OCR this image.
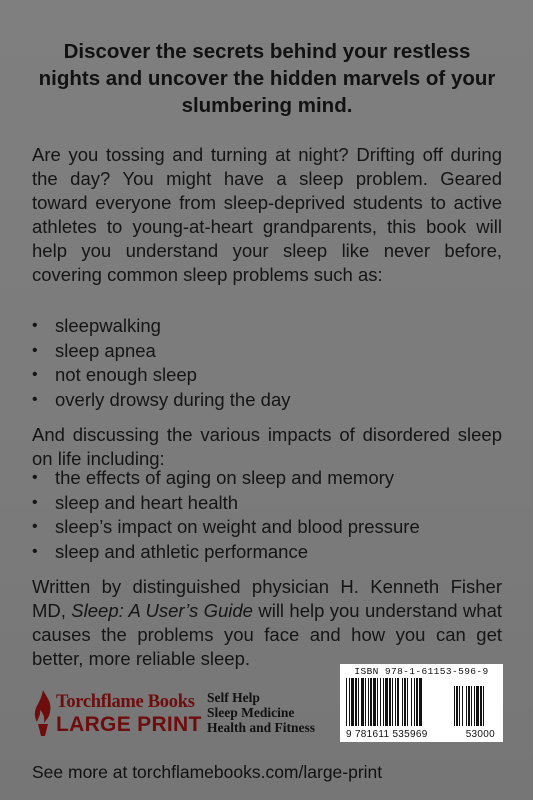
Discover the secrets behind your restless nights and uncover the hidden marvels of your slumbering mind.
Are you tossing and turning at night? Drifting off during the day? You might have a sleep problem. Geared toward everyone from sleep-deprived students to active athletes to young-at-heart grandparents, this book will help you understand your sleep like never before, covering common sleep problems such as:
• sleepwalking
• sleep apnea
• not enough sleep
• overly drowsy during the day
And discussing the various impacts of disordered sleep on life including:
• the effects of aging on sleep and memory
• sleep and heart health
• sleep’s impact on weight and blood pressure
• sleep and athletic performance
Written by distinguished physician H. Kenneth Fisher MD, Sleep: A User’s Guide will help you understand what causes the problems you face and how you can get better, more reliable sleep.
Torchflame Books
LARGE PRINT
Self Help
Sleep Medicine
Health and Fitness
ISBN 978-1-61153-596-9
9 781611 535969	53000
See more at torchflamebooks.com/large-print
